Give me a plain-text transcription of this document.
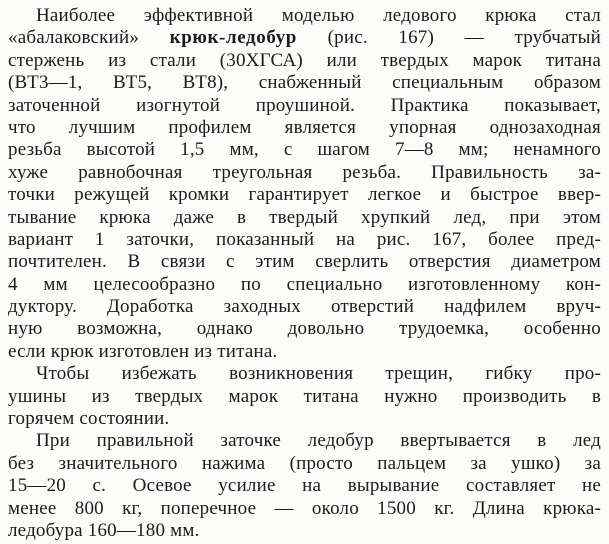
Наиболее эффективной моделью ледового крюка стал
«абалаковский» крюк-ледобур (рис. 167) — трубчатый
стержень из стали (30ХГСА) или твердых марок титана
(ВТ3—1, ВТ5, ВТ8), снабженный специальным образом
заточенной изогнутой проушиной. Практика показывает,
что лучшим профилем является упорная однозаходная
резьба высотой 1,5 мм, с шагом 7—8 мм; ненамного
хуже равнобочная треугольная резьба. Правильность за-
точки режущей кромки гарантирует легкое и быстрое ввер-
тывание крюка даже в твердый хрупкий лед, при этом
вариант 1 заточки, показанный на рис. 167, более пред-
почтителен. В связи с этим сверлить отверстия диаметром
4 мм целесообразно по специально изготовленному кон-
дуктору. Доработка заходных отверстий надфилем вруч-
ную возможна, однако довольно трудоемка, особенно
если крюк изготовлен из титана.
Чтобы избежать возникновения трещин, гибку про-
ушины из твердых марок титана нужно производить в
горячем состоянии.
При правильной заточке ледобур ввертывается в лед
без значительного нажима (просто пальцем за ушко) за
15—20 с. Осевое усилие на вырывание составляет не
менее 800 кг, поперечное — около 1500 кг. Длина крюка-
ледобура 160—180 мм.
